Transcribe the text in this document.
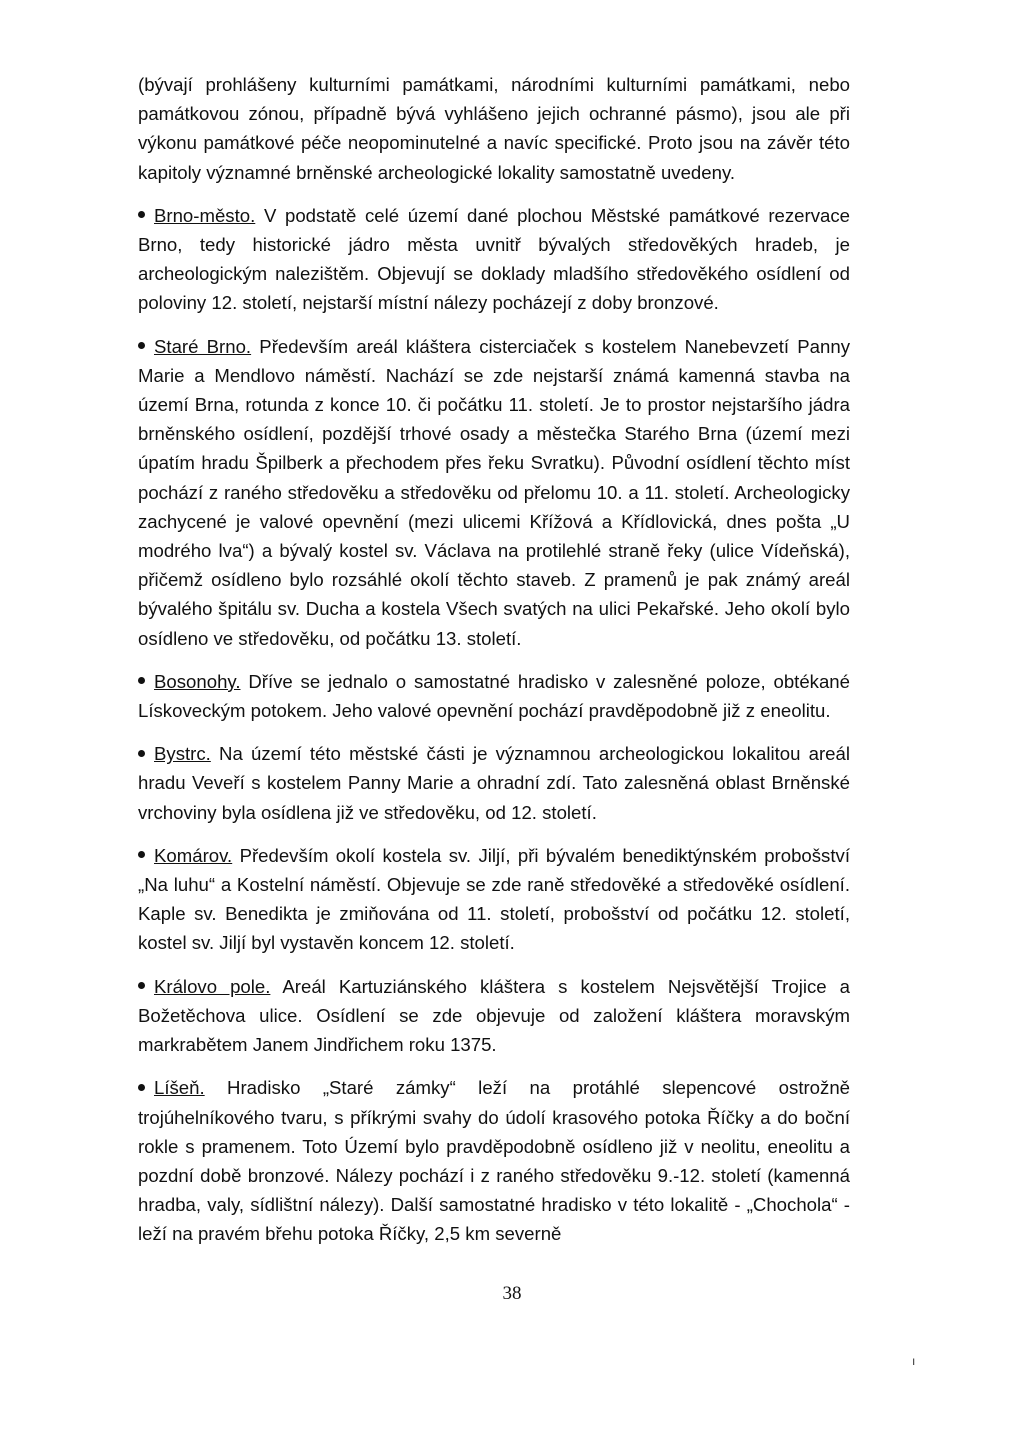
(bývají prohlášeny kulturními památkami, národními kulturními památkami, nebo památkovou zónou, případně bývá vyhlášeno jejich ochranné pásmo), jsou ale při výkonu památkové péče neopominutelné a navíc specifické. Proto jsou na závěr této kapitoly významné brněnské archeologické lokality samostatně uvedeny.

Brno-město. V podstatě celé území dané plochou Městské památkové rezervace Brno, tedy historické jádro města uvnitř bývalých středověkých hradeb, je archeologickým nalezištěm. Objevují se doklady mladšího středověkého osídlení od poloviny 12. století, nejstarší místní nálezy pocházejí z doby bronzové.

Staré Brno. Především areál kláštera cisterciaček s kostelem Nanebevzetí Panny Marie a Mendlovo náměstí. Nachází se zde nejstarší známá kamenná stavba na území Brna, rotunda z konce 10. či počátku 11. století. Je to prostor nejstaršího jádra brněnského osídlení, pozdější trhové osady a městečka Starého Brna (území mezi úpatím hradu Špilberk a přechodem přes řeku Svratku). Původní osídlení těchto míst pochází z raného středověku a středověku od přelomu 10. a 11. století. Archeologicky zachycené je valové opevnění (mezi ulicemi Křížová a Křídlovická, dnes pošta „U modrého lva“) a bývalý kostel sv. Václava na protilehlé straně řeky (ulice Vídeňská), přičemž osídleno bylo rozsáhlé okolí těchto staveb. Z pramenů je pak známý areál bývalého špitálu sv. Ducha a kostela Všech svatých na ulici Pekařské. Jeho okolí bylo osídleno ve středověku, od počátku 13. století.

Bosonohy. Dříve se jednalo o samostatné hradisko v zalesněné poloze, obtékané Lískoveckým potokem. Jeho valové opevnění pochází pravděpodobně již z eneolitu.

Bystrc. Na území této městské části je významnou archeologickou lokalitou areál hradu Veveří s kostelem Panny Marie a ohradní zdí. Tato zalesněná oblast Brněnské vrchoviny byla osídlena již ve středověku, od 12. století.

Komárov. Především okolí kostela sv. Jiljí, při bývalém benediktýnském probošství „Na luhu“ a Kostelní náměstí. Objevuje se zde raně středověké a středověké osídlení. Kaple sv. Benedikta je zmiňována od 11. století, probošství od počátku 12. století, kostel sv. Jiljí byl vystavěn koncem 12. století.

Královo pole. Areál Kartuziánského kláštera s kostelem Nejsvětější Trojice a Božetěchova ulice. Osídlení se zde objevuje od založení kláštera moravským markrabětem Janem Jindřichem roku 1375.

Líšeň. Hradisko „Staré zámky“ leží na protáhlé slepencové ostrožně trojúhelníkového tvaru, s příkrými svahy do údolí krasového potoka Říčky a do boční rokle s pramenem. Toto Území bylo pravděpodobně osídleno již v neolitu, eneolitu a pozdní době bronzové. Nálezy pochází i z raného středověku 9.-12. století (kamenná hradba, valy, sídlištní nálezy). Další samostatné hradisko v této lokalitě - „Chochola“ - leží na pravém břehu potoka Říčky, 2,5 km severně

38
ı
